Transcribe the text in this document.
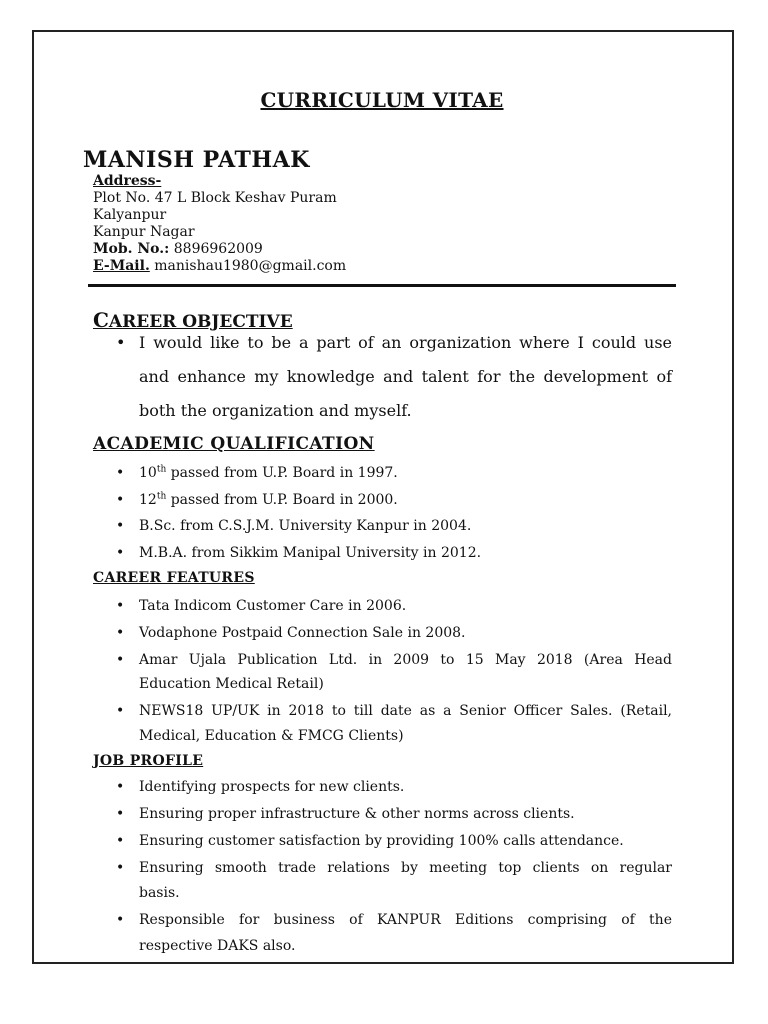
CURRICULUM VITAE
MANISH PATHAK
Address-
Plot No. 47 L Block Keshav Puram
Kalyanpur
Kanpur Nagar
Mob. No.: 8896962009
E-Mail. manishau1980@gmail.com
CAREER OBJECTIVE
• I would like to be a part of an organization where I could use
and enhance my knowledge and talent for the development of
both the organization and myself.
ACADEMIC QUALIFICATION
• 10th passed from U.P. Board in 1997.
• 12th passed from U.P. Board in 2000.
• B.Sc. from C.S.J.M. University Kanpur in 2004.
• M.B.A. from Sikkim Manipal University in 2012.
CAREER FEATURES
• Tata Indicom Customer Care in 2006.
• Vodaphone Postpaid Connection Sale in 2008.
• Amar Ujala Publication Ltd. in 2009 to 15 May 2018 (Area Head
Education Medical Retail)
• NEWS18 UP/UK in 2018 to till date as a Senior Officer Sales. (Retail,
Medical, Education & FMCG Clients)
JOB PROFILE
• Identifying prospects for new clients.
• Ensuring proper infrastructure & other norms across clients.
• Ensuring customer satisfaction by providing 100% calls attendance.
• Ensuring smooth trade relations by meeting top clients on regular
basis.
• Responsible for business of KANPUR Editions comprising of the
respective DAKS also.
